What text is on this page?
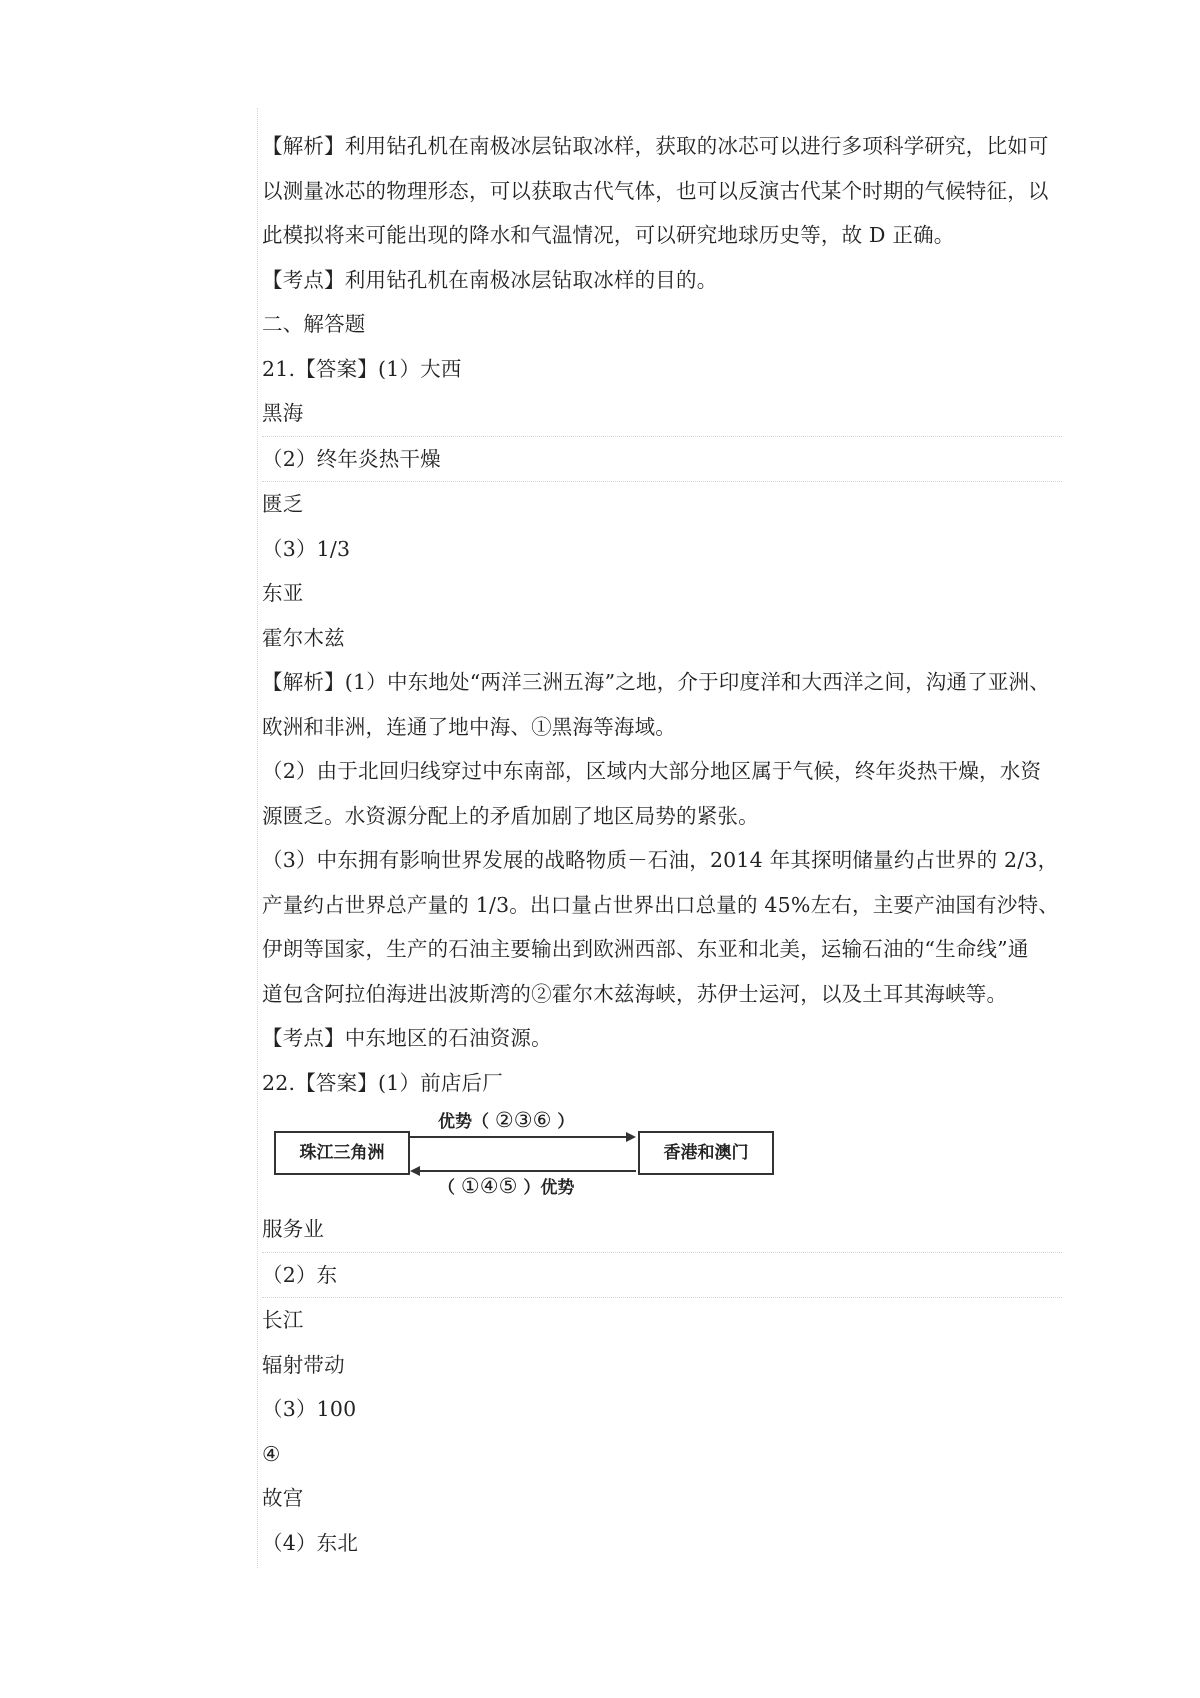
【解析】利用钻孔机在南极冰层钻取冰样，获取的冰芯可以进行多项科学研究，比如可
以测量冰芯的物理形态，可以获取古代气体，也可以反演古代某个时期的气候特征，以
此模拟将来可能出现的降水和气温情况，可以研究地球历史等，故 D 正确。
【考点】利用钻孔机在南极冰层钻取冰样的目的。
二、解答题
21.【答案】(1）大西
黑海
（2）终年炎热干燥
匮乏
（3）1/3
东亚
霍尔木兹
【解析】(1）中东地处“两洋三洲五海”之地，介于印度洋和大西洋之间，沟通了亚洲、
欧洲和非洲，连通了地中海、①黑海等海域。
（2）由于北回归线穿过中东南部，区域内大部分地区属于气候，终年炎热干燥，水资
源匮乏。水资源分配上的矛盾加剧了地区局势的紧张。
（3）中东拥有影响世界发展的战略物质－石油，2014 年其探明储量约占世界的 2/3，
产量约占世界总产量的 1/3。出口量占世界出口总量的 45%左右，主要产油国有沙特、
伊朗等国家，生产的石油主要输出到欧洲西部、东亚和北美，运输石油的“生命线”通
道包含阿拉伯海进出波斯湾的②霍尔木兹海峡，苏伊士运河，以及土耳其海峡等。
【考点】中东地区的石油资源。
22.【答案】(1）前店后厂
珠江三角洲	香港和澳门
优势（ ②③⑥ ）
（ ①④⑤ ）优势
服务业
（2）东
长江
辐射带动
（3）100
④
故宫
（4）东北
